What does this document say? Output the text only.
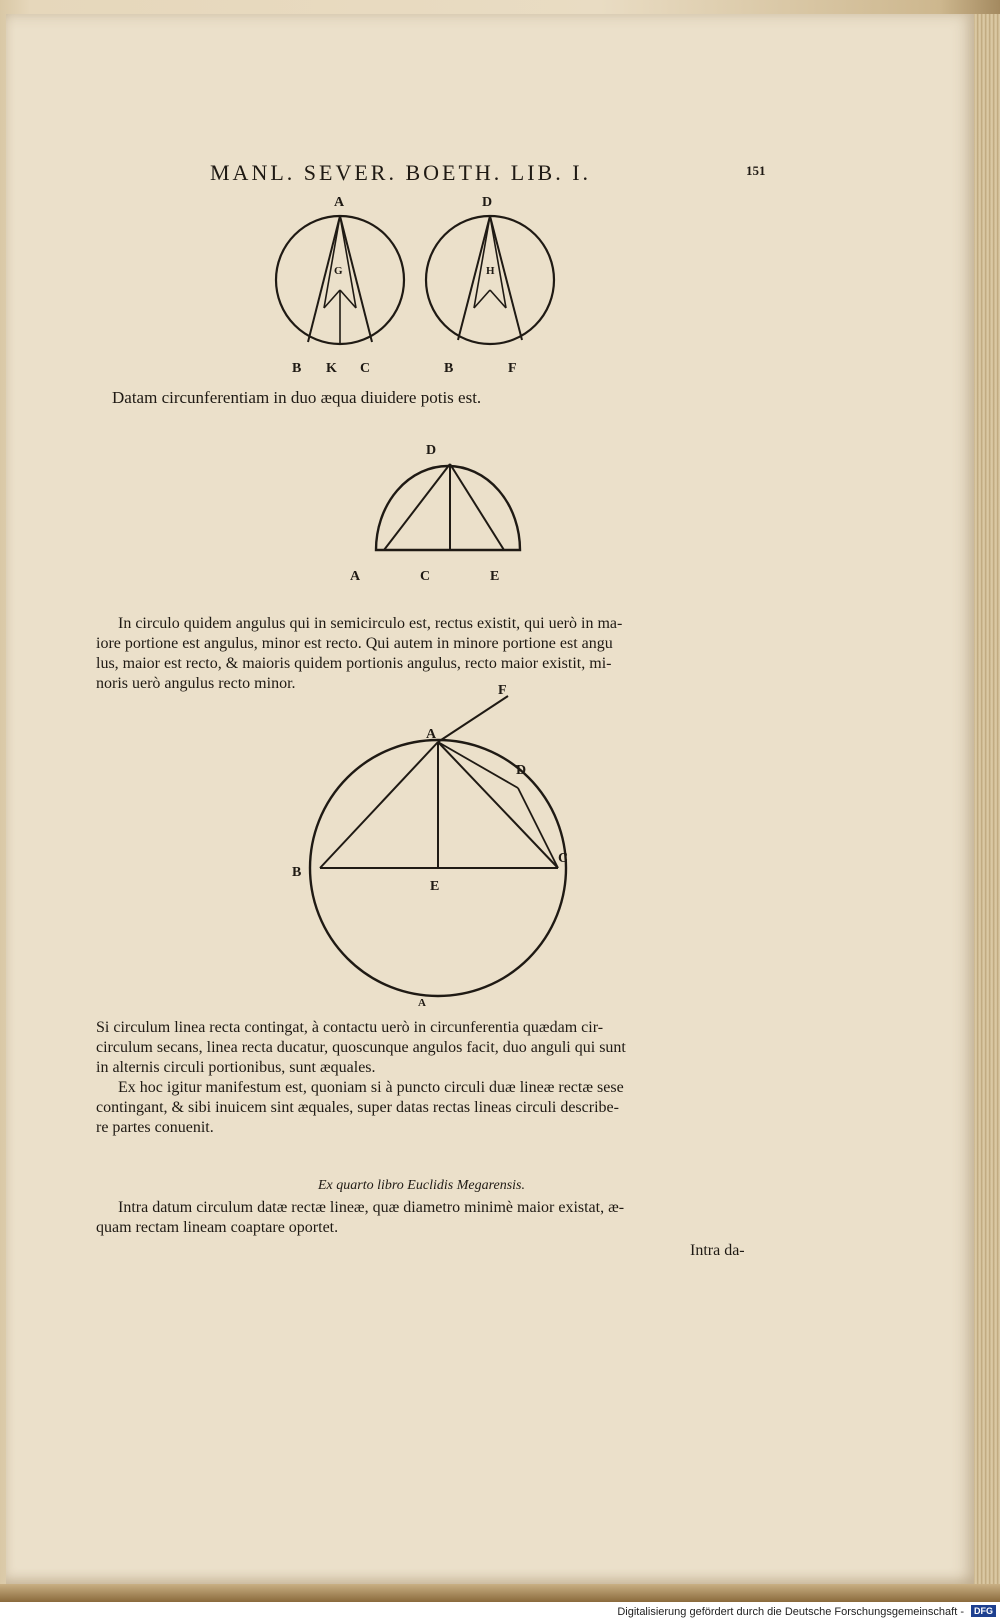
MANL. SEVER. BOETH. LIB. I.	151
A
G
B K C
D
H
B	F
Datam circunferentiam in duo æqua diuidere potis est.
D
A	C	E
In circulo quidem angulus qui in semicirculo est, rectus existit, qui uerò in ma-
iore portione est angulus, minor est recto. Qui autem in minore portione est angu
lus, maior est recto, & maioris quidem portionis angulus, recto maior existit, mi-
noris uerò angulus recto minor.	F
A
D
B
C
E
A
Si circulum linea recta contingat, à contactu uerò in circunferentia quædam cir-
circulum secans, linea recta ducatur, quoscunque angulos facit, duo anguli qui sunt
in alternis circuli portionibus, sunt æquales.
Ex hoc igitur manifestum est, quoniam si à puncto circuli duæ lineæ rectæ sese
contingant, & sibi inuicem sint æquales, super datas rectas lineas circuli describe-
re partes conuenit.
Ex quarto libro Euclidis Megarensis.
Intra datum circulum datæ rectæ lineæ, quæ diametro minimè maior existat, æ-
quam rectam lineam coaptare oportet.
Intra da-
Digitalisierung gefördert durch die Deutsche Forschungsgemeinschaft -	DFG
